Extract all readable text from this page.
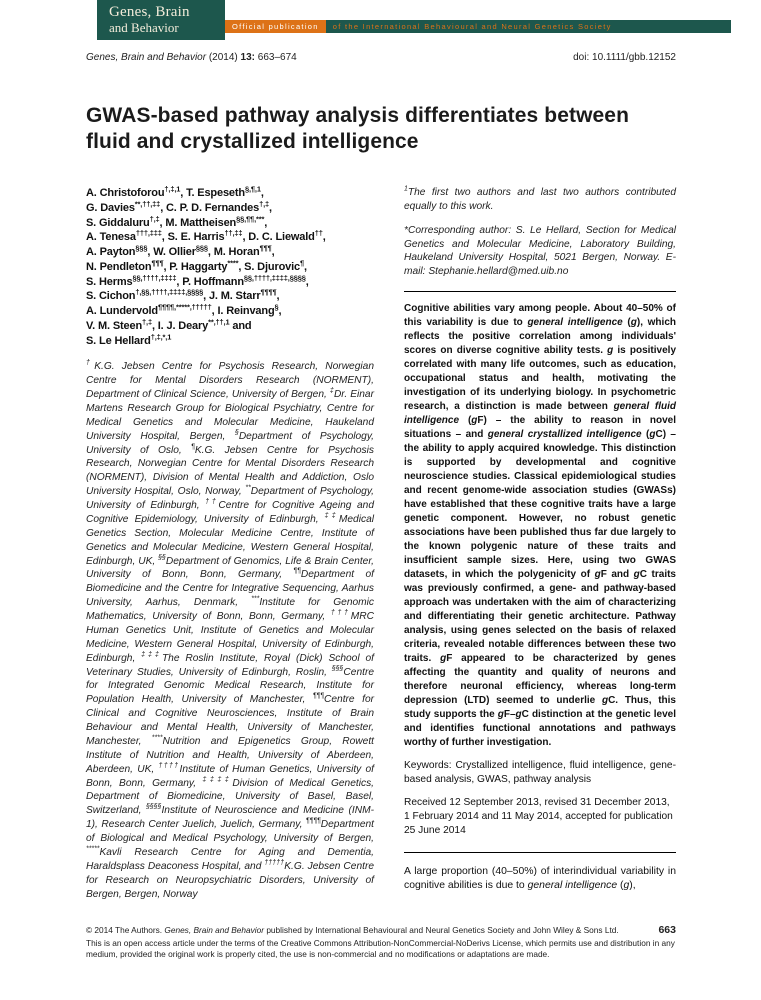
Genes, Brain
and Behavior	Official publication	of the International Behavioural and Neural Genetics Society
Genes, Brain and Behavior (2014) 13: 663–674	doi: 10.1111/gbb.12152
GWAS-based pathway analysis differentiates between fluid and crystallized intelligence
A. Christoforou$^{\dagger,\ddagger,1}$, T. Espeseth$^{\S,\P,1}$,
G. Davies**,††,‡‡, C. P. D. Fernandes†,‡,
S. Giddaluru†,‡, M. Mattheisen§§,¶¶,***,
A. Tenesa†††,‡‡‡, S. E. Harris††,‡‡, D. C. Liewald††,
A. Payton§§§, W. Ollier§§§, M. Horan¶¶¶,
N. Pendleton¶¶¶, P. Haggarty****, S. Djurovic¶,
S. Herms§§,††††,‡‡‡‡, P. Hoffmann§§,††††,‡‡‡‡,§§§§,
S. Cichon†,§§,††††,‡‡‡‡,§§§§, J. M. Starr¶¶¶¶,
A. Lundervold¶¶¶¶,*****,†††††, I. Reinvang§,
V. M. Steen†,‡, I. J. Deary$^{**,\dagger\dagger,1}$ and
S. Le Hellard$^{\dagger,\ddagger,*,1}$
†K.G. Jebsen Centre for Psychosis Research, Norwegian Centre for Mental Disorders Research (NORMENT), Department of Clinical Science, University of Bergen, ‡Dr. Einar Martens Research Group for Biological Psychiatry, Centre for Medical Genetics and Molecular Medicine, Haukeland University Hospital, Bergen, §Department of Psychology, University of Oslo, ¶K.G. Jebsen Centre for Psychosis Research, Norwegian Centre for Mental Disorders Research (NORMENT), Division of Mental Health and Addiction, Oslo University Hospital, Oslo, Norway, **Department of Psychology, University of Edinburgh, ††Centre for Cognitive Ageing and Cognitive Epidemiology, University of Edinburgh, ‡‡Medical Genetics Section, Molecular Medicine Centre, Institute of Genetics and Molecular Medicine, Western General Hospital, Edinburgh, UK, §§Department of Genomics, Life & Brain Center, University of Bonn, Bonn, Germany, ¶¶Department of Biomedicine and the Centre for Integrative Sequencing, Aarhus University, Aarhus, Denmark, ***Institute for Genomic Mathematics, University of Bonn, Bonn, Germany, †††MRC Human Genetics Unit, Institute of Genetics and Molecular Medicine, Western General Hospital, University of Edinburgh, Edinburgh, ‡‡‡The Roslin Institute, Royal (Dick) School of Veterinary Studies, University of Edinburgh, Roslin, §§§Centre for Integrated Genomic Medical Research, Institute for Population Health, University of Manchester, ¶¶¶Centre for Clinical and Cognitive Neurosciences, Institute of Brain Behaviour and Mental Health, University of Manchester, Manchester, ****Nutrition and Epigenetics Group, Rowett Institute of Nutrition and Health, University of Aberdeen, Aberdeen, UK, ††††Institute of Human Genetics, University of Bonn, Bonn, Germany, ‡‡‡‡Division of Medical Genetics, Department of Biomedicine, University of Basel, Basel, Switzerland, §§§§Institute of Neuroscience and Medicine (INM-1), Research Center Juelich, Juelich, Germany, ¶¶¶¶Department of Biological and Medical Psychology, University of Bergen, *****Kavli Research Centre for Aging and Dementia, Haraldsplass Deaconess Hospital, and †††††K.G. Jebsen Centre for Research on Neuropsychiatric Disorders, University of Bergen, Bergen, Norway

$^1$The first two authors and last two authors contributed equally to this work.

*Corresponding author: S. Le Hellard, Section for Medical Genetics and Molecular Medicine, Laboratory Building, Haukeland University Hospital, 5021 Bergen, Norway. E-mail: Stephanie.hellard@med.uib.no

Cognitive abilities vary among people. About 40–50% of this variability is due to general intelligence (g), which reflects the positive correlation among individuals' scores on diverse cognitive ability tests. g is positively correlated with many life outcomes, such as education, occupational status and health, motivating the investigation of its underlying biology. In psychometric research, a distinction is made between general fluid intelligence (gF) – the ability to reason in novel situations – and general crystallized intelligence (gC) – the ability to apply acquired knowledge. This distinction is supported by developmental and cognitive neuroscience studies. Classical epidemiological studies and recent genome-wide association studies (GWASs) have established that these cognitive traits have a large genetic component. However, no robust genetic associations have been published thus far due largely to the known polygenic nature of these traits and insufficient sample sizes. Here, using two GWAS datasets, in which the polygenicity of gF and gC traits was previously confirmed, a gene- and pathway-based approach was undertaken with the aim of characterizing and differentiating their genetic architecture. Pathway analysis, using genes selected on the basis of relaxed criteria, revealed notable differences between these two traits. gF appeared to be characterized by genes affecting the quantity and quality of neurons and therefore neuronal efficiency, whereas long-term depression (LTD) seemed to underlie gC. Thus, this study supports the gF–gC distinction at the genetic level and identifies functional annotations and pathways worthy of further investigation.

Keywords: Crystallized intelligence, fluid intelligence, gene-based analysis, GWAS, pathway analysis

Received 12 September 2013, revised 31 December 2013, 1 February 2014 and 11 May 2014, accepted for publication 25 June 2014

A large proportion (40–50%) of interindividual variability in cognitive abilities is due to general intelligence (g),

© 2014 The Authors. Genes, Brain and Behavior published by International Behavioural and Neural Genetics Society and John Wiley & Sons Ltd.	663

This is an open access article under the terms of the Creative Commons Attribution-NonCommercial-NoDerivs License, which permits use and distribution in any medium, provided the original work is properly cited, the use is non-commercial and no modifications or adaptations are made.
